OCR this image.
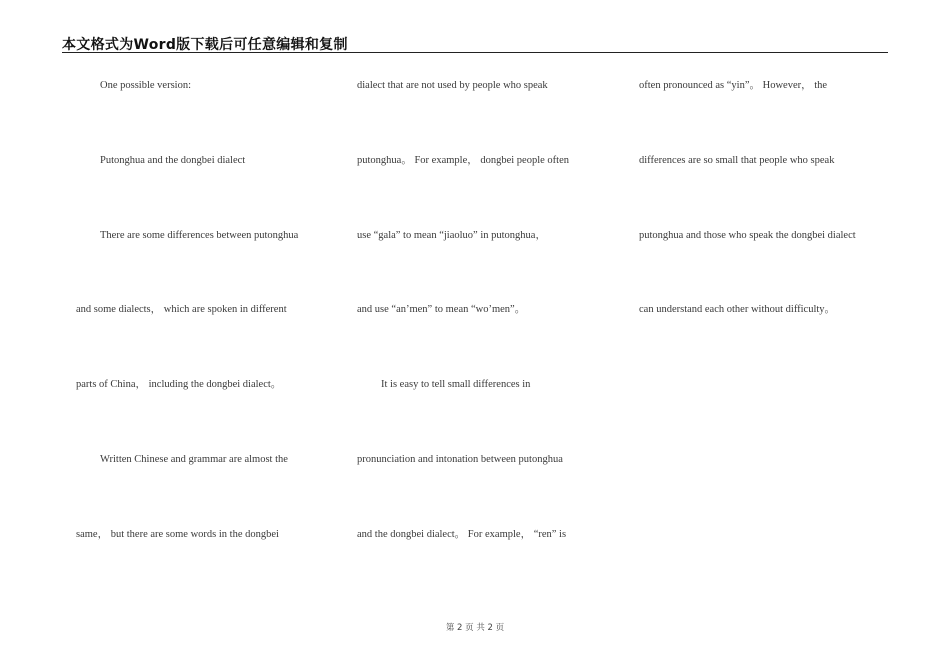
本文格式为Word版下载后可任意编辑和复制
One possible version:
Putonghua and the dongbei dialect
There are some differences between putonghua
and some dialects， which are spoken in different
parts of China， including the dongbei dialect。
Written Chinese and grammar are almost the
same， but there are some words in the dongbei
dialect that are not used by people who speak
putonghua。 For example， dongbei people often
use “gala” to mean “jiaoluo” in putonghua，
and use “an’men” to mean “wo’men”。
It is easy to tell small differences in
pronunciation and intonation between putonghua
and the dongbei dialect。 For example， “ren” is
often pronounced as “yin”。 However， the
differences are so small that people who speak
putonghua and those who speak the dongbei dialect
can understand each other without difficulty。
第 2 页 共 2 页
